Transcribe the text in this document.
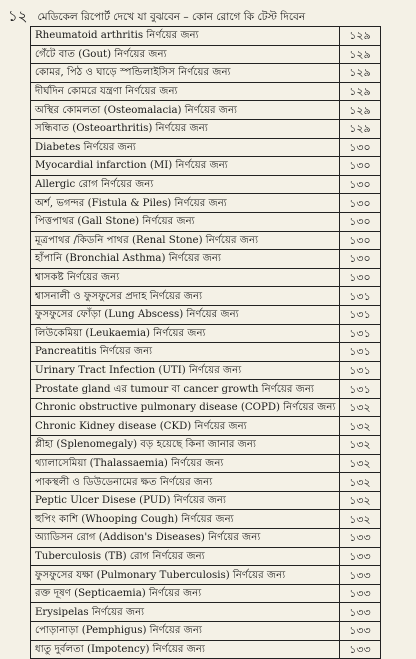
১২ মেডিকেল রিপোর্ট দেখে যা বুঝবেন – কোন রোগে কি টেস্ট দিবেন
Rheumatoid arthritis নির্ণয়ের জন্য	১২৯
গেঁটে বাত (Gout) নির্ণয়ের জন্য	১২৯
কোমর, পিঠ ও ঘাড়ে স্পন্ডিলাইসিস নির্ণয়ের জন্য	১২৯
দীর্ঘদিন কোমরে যন্ত্রণা নির্ণয়ের জন্য	১২৯
অস্থির কোমলতা (Osteomalacia) নির্ণয়ের জন্য	১২৯
সন্ধিবাত (Osteoarthritis) নির্ণয়ের জন্য	১২৯
Diabetes নির্ণয়ের জন্য	১৩০
Myocardial infarction (MI) নির্ণয়ের জন্য	১৩০
Allergic রোগ নির্ণয়ের জন্য	১৩০
অর্শ, ভগন্দর (Fistula & Piles) নির্ণয়ের জন্য	১৩০
পিত্তপাথর (Gall Stone) নির্ণয়ের জন্য	১৩০
মূত্রপাথর /কিডনি পাথর (Renal Stone) নির্ণয়ের জন্য	১৩০
হাঁপানি (Bronchial Asthma) নির্ণয়ের জন্য	১৩০
শ্বাসকষ্ট নির্ণয়ের জন্য	১৩০
শ্বাসনালী ও ফুসফুসের প্রদাহ নির্ণয়ের জন্য	১৩১
ফুসফুসের ফোঁড়া (Lung Abscess) নির্ণয়ের জন্য	১৩১
লিউকেমিয়া (Leukaemia) নির্ণয়ের জন্য	১৩১
Pancreatitis নির্ণয়ের জন্য	১৩১
Urinary Tract Infection (UTI) নির্ণয়ের জন্য	১৩১
Prostate gland এর tumour বা cancer growth নির্ণয়ের জন্য	১৩১
Chronic obstructive pulmonary disease (COPD) নির্ণয়ের জন্য	১৩২
Chronic Kidney disease (CKD) নির্ণয়ের জন্য	১৩২
প্লীহা (Splenomegaly) বড় হয়েছে কিনা জানার জন্য	১৩২
থ্যালাসেমিয়া (Thalassaemia) নির্ণয়ের জন্য	১৩২
পাকস্থলী ও ডিউডেনামের ক্ষত নির্ণয়ের জন্য	১৩২
Peptic Ulcer Disese (PUD) নির্ণয়ের জন্য	১৩২
হুপিং কাশি (Whooping Cough) নির্ণয়ের জন্য	১৩২
অ্যাডিসন রোগ (Addison's Diseases) নির্ণয়ের জন্য	১৩৩
Tuberculosis (TB) রোগ নির্ণয়ের জন্য	১৩৩
ফুসফুসের যক্ষা (Pulmonary Tuberculosis) নির্ণয়ের জন্য	১৩৩
রক্ত দূষণ (Septicaemia) নির্ণয়ের জন্য	১৩৩
Erysipelas নির্ণয়ের জন্য	১৩৩
পোড়ানাড়া (Pemphigus) নির্ণয়ের জন্য	১৩৩
ধাতু দুর্বলতা (Impotency) নির্ণয়ের জন্য	১৩৩
